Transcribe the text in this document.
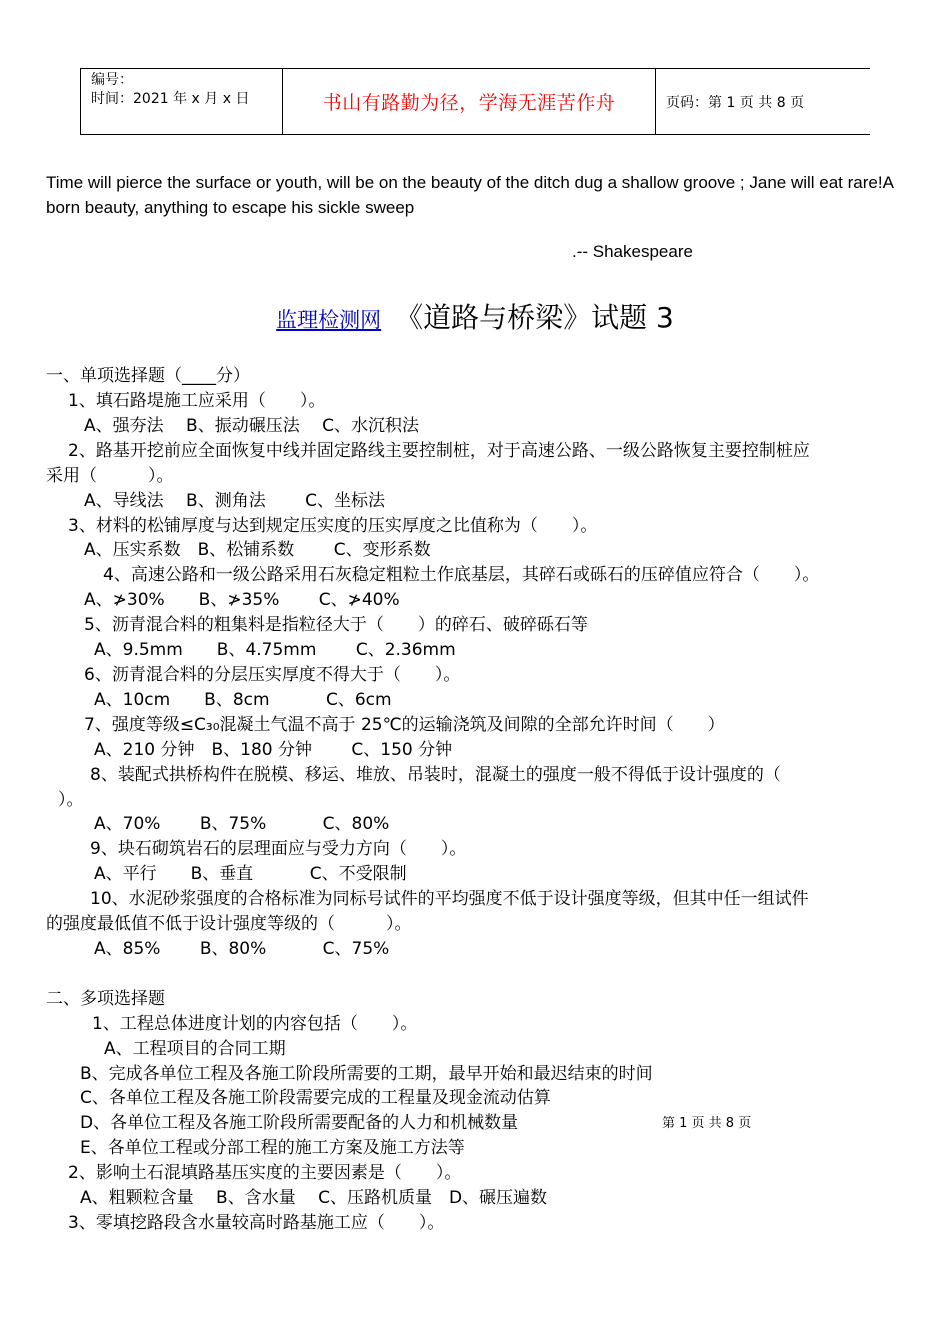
编号：
时间：2021 年 x 月 x 日	书山有路勤为径，学海无涯苦作舟	页码：第 1 页 共 8 页
Time will pierce the surface or youth, will be on the beauty of the ditch dug a shallow groove ; Jane will eat rare!A born beauty, anything to escape his sickle sweep
.-- Shakespeare
监理检测网 《道路与桥梁》试题 3
一、单项选择题（____分）
1、填石路堤施工应采用（　　）。
A、强夯法　 B、振动碾压法　 C、水沉积法
2、路基开挖前应全面恢复中线并固定路线主要控制桩，对于高速公路、一级公路恢复主要控制桩应
采用（　　　）。
A、导线法　 B、测角法　　 C、坐标法
3、材料的松铺厚度与达到规定压实度的压实厚度之比值称为（　　）。
A、压实系数　B、松铺系数　　 C、变形系数
4、高速公路和一级公路采用石灰稳定粗粒土作底基层，其碎石或砾石的压碎值应符合（　　）。
A、≯30%　　B、≯35%　　 C、≯40%
5、沥青混合料的粗集料是指粒径大于（　　）的碎石、破碎砾石等
A、9.5mm　　B、4.75mm　　 C、2.36mm
6、沥青混合料的分层压实厚度不得大于（　　）。
A、10cm　　B、8cm　　　 C、6cm
7、强度等级≤C₃₀混凝土气温不高于 25℃的运输浇筑及间隙的全部允许时间（　　）
A、210 分钟　B、180 分钟　　 C、150 分钟
8、装配式拱桥构件在脱模、移运、堆放、吊装时，混凝土的强度一般不得低于设计强度的（
）。
A、70%　　 B、75%　　　 C、80%
9、块石砌筑岩石的层理面应与受力方向（　　）。
A、平行　　B、垂直　　　 C、不受限制
10、水泥砂浆强度的合格标准为同标号试件的平均强度不低于设计强度等级，但其中任一组试件
的强度最低值不低于设计强度等级的（　　　）。
A、85%　　 B、80%　　　 C、75%
二、多项选择题
1、工程总体进度计划的内容包括（　　）。
A、工程项目的合同工期
B、完成各单位工程及各施工阶段所需要的工期，最早开始和最迟结束的时间
C、各单位工程及各施工阶段需要完成的工程量及现金流动估算
D、各单位工程及各施工阶段所需要配备的人力和机械数量	第 1 页 共 8 页
E、各单位工程或分部工程的施工方案及施工方法等
2、影响土石混填路基压实度的主要因素是（　　）。
A、粗颗粒含量　 B、含水量　 C、压路机质量　D、碾压遍数
3、零填挖路段含水量较高时路基施工应（　　）。
